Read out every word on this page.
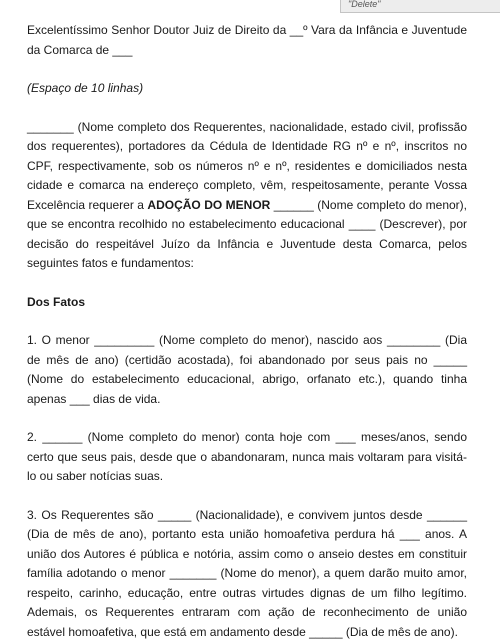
"Delete"

Excelentíssimo Senhor Doutor Juiz de Direito da __º Vara da Infância e Juventude da Comarca de ___

(Espaço de 10 linhas)

_______ (Nome completo dos Requerentes, nacionalidade, estado civil, profissão dos requerentes), portadores da Cédula de Identidade RG nº e nº, inscritos no CPF, respectivamente, sob os números nº e nº, residentes e domiciliados nesta cidade e comarca na endereço completo, vêm, respeitosamente, perante Vossa Excelência requerer a ADOÇÃO DO MENOR ______ (Nome completo do menor), que se encontra recolhido no estabelecimento educacional ____ (Descrever), por decisão do respeitável Juízo da Infância e Juventude desta Comarca, pelos seguintes fatos e fundamentos:

Dos Fatos

1. O menor _________ (Nome completo do menor), nascido aos ________ (Dia de mês de ano) (certidão acostada), foi abandonado por seus pais no _____ (Nome do estabelecimento educacional, abrigo, orfanato etc.), quando tinha apenas ___ dias de vida.

2. ______ (Nome completo do menor) conta hoje com ___ meses/anos, sendo certo que seus pais, desde que o abandonaram, nunca mais voltaram para visitá-lo ou saber notícias suas.

3. Os Requerentes são _____ (Nacionalidade), e convivem juntos desde ______ (Dia de mês de ano), portanto esta união homoafetiva perdura há ___ anos. A união dos Autores é pública e notória, assim como o anseio destes em constituir família adotando o menor _______ (Nome do menor), a quem darão muito amor, respeito, carinho, educação, entre outras virtudes dignas de um filho legítimo. Ademais, os Requerentes entraram com ação de reconhecimento de união estável homoafetiva, que está em andamento desde _____ (Dia de mês de ano).
